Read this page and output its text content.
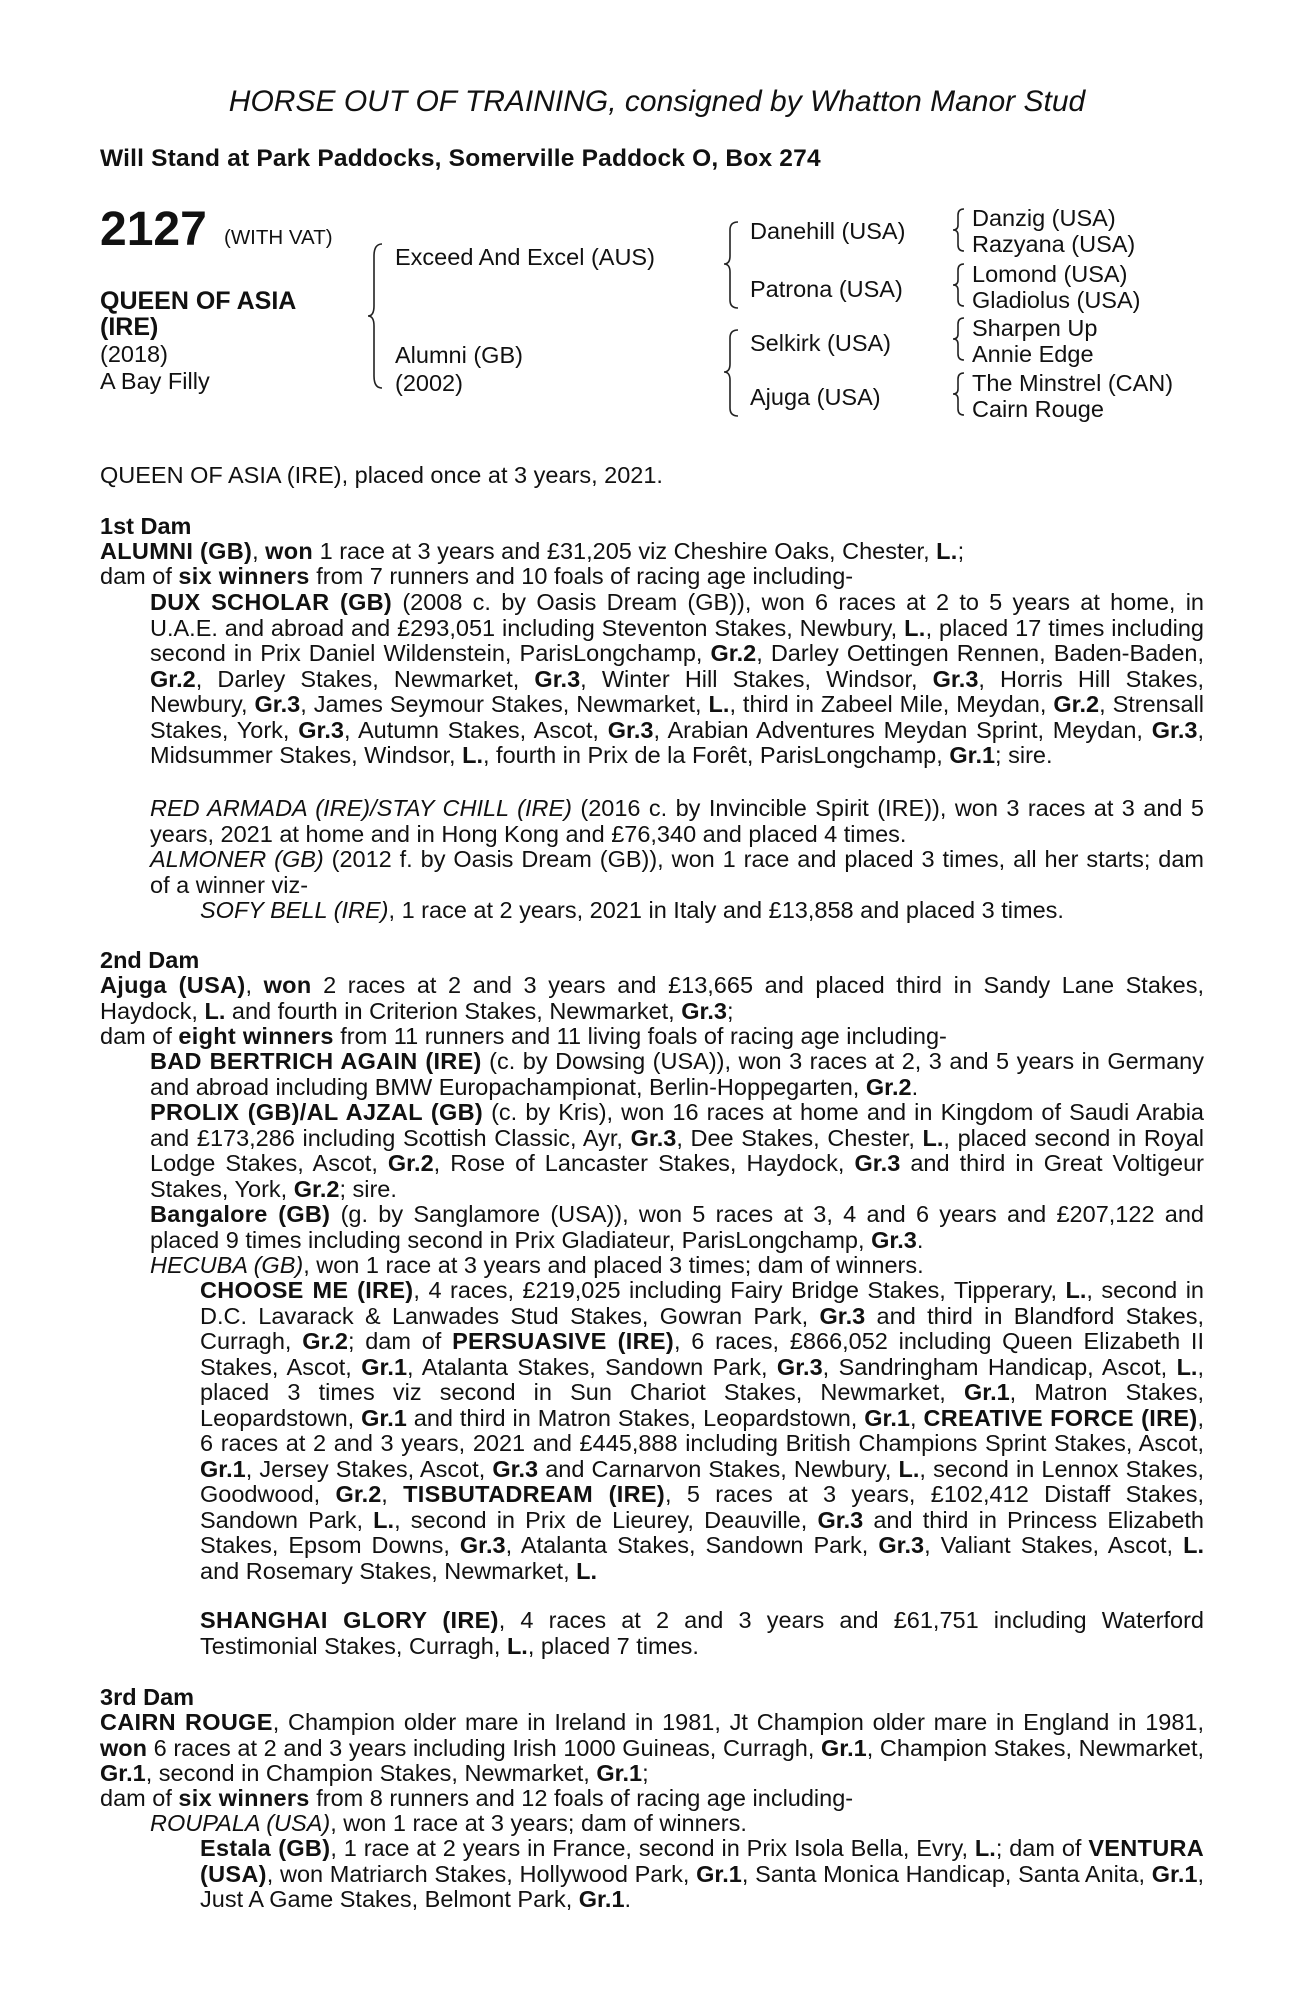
HORSE OUT OF TRAINING, consigned by Whatton Manor Stud
Will Stand at Park Paddocks, Somerville Paddock O, Box 274
2127 (WITH VAT)
QUEEN OF ASIA (IRE)
(2018)
A Bay Filly
Exceed And Excel (AUS)
Alumni (GB)
(2002)
Danehill (USA)
Patrona (USA)
Selkirk (USA)
Ajuga (USA)
Danzig (USA)
Razyana (USA)
Lomond (USA)
Gladiolus (USA)
Sharpen Up
Annie Edge
The Minstrel (CAN)
Cairn Rouge
QUEEN OF ASIA (IRE), placed once at 3 years, 2021.
1st Dam
ALUMNI (GB), won 1 race at 3 years and £31,205 viz Cheshire Oaks, Chester, L.;
dam of six winners from 7 runners and 10 foals of racing age including-
DUX SCHOLAR (GB) (2008 c. by Oasis Dream (GB)), won 6 races at 2 to 5 years at home, in U.A.E. and abroad and £293,051 including Steventon Stakes, Newbury, L., placed 17 times including second in Prix Daniel Wildenstein, ParisLongchamp, Gr.2, Darley Oettingen Rennen, Baden-Baden, Gr.2, Darley Stakes, Newmarket, Gr.3, Winter Hill Stakes, Windsor, Gr.3, Horris Hill Stakes, Newbury, Gr.3, James Seymour Stakes, Newmarket, L., third in Zabeel Mile, Meydan, Gr.2, Strensall Stakes, York, Gr.3, Autumn Stakes, Ascot, Gr.3, Arabian Adventures Meydan Sprint, Meydan, Gr.3, Midsummer Stakes, Windsor, L., fourth in Prix de la Forêt, ParisLongchamp, Gr.1; sire.
RED ARMADA (IRE)/STAY CHILL (IRE) (2016 c. by Invincible Spirit (IRE)), won 3 races at 3 and 5 years, 2021 at home and in Hong Kong and £76,340 and placed 4 times.
ALMONER (GB) (2012 f. by Oasis Dream (GB)), won 1 race and placed 3 times, all her starts; dam of a winner viz-
SOFY BELL (IRE), 1 race at 2 years, 2021 in Italy and £13,858 and placed 3 times.
2nd Dam
Ajuga (USA), won 2 races at 2 and 3 years and £13,665 and placed third in Sandy Lane Stakes, Haydock, L. and fourth in Criterion Stakes, Newmarket, Gr.3;
dam of eight winners from 11 runners and 11 living foals of racing age including-
BAD BERTRICH AGAIN (IRE) (c. by Dowsing (USA)), won 3 races at 2, 3 and 5 years in Germany and abroad including BMW Europachampionat, Berlin-Hoppegarten, Gr.2.
PROLIX (GB)/AL AJZAL (GB) (c. by Kris), won 16 races at home and in Kingdom of Saudi Arabia and £173,286 including Scottish Classic, Ayr, Gr.3, Dee Stakes, Chester, L., placed second in Royal Lodge Stakes, Ascot, Gr.2, Rose of Lancaster Stakes, Haydock, Gr.3 and third in Great Voltigeur Stakes, York, Gr.2; sire.
Bangalore (GB) (g. by Sanglamore (USA)), won 5 races at 3, 4 and 6 years and £207,122 and placed 9 times including second in Prix Gladiateur, ParisLongchamp, Gr.3.
HECUBA (GB), won 1 race at 3 years and placed 3 times; dam of winners.
CHOOSE ME (IRE), 4 races, £219,025 including Fairy Bridge Stakes, Tipperary, L., second in D.C. Lavarack & Lanwades Stud Stakes, Gowran Park, Gr.3 and third in Blandford Stakes, Curragh, Gr.2; dam of PERSUASIVE (IRE), 6 races, £866,052 including Queen Elizabeth II Stakes, Ascot, Gr.1, Atalanta Stakes, Sandown Park, Gr.3, Sandringham Handicap, Ascot, L., placed 3 times viz second in Sun Chariot Stakes, Newmarket, Gr.1, Matron Stakes, Leopardstown, Gr.1 and third in Matron Stakes, Leopardstown, Gr.1, CREATIVE FORCE (IRE), 6 races at 2 and 3 years, 2021 and £445,888 including British Champions Sprint Stakes, Ascot, Gr.1, Jersey Stakes, Ascot, Gr.3 and Carnarvon Stakes, Newbury, L., second in Lennox Stakes, Goodwood, Gr.2, TISBUTADREAM (IRE), 5 races at 3 years, £102,412 Distaff Stakes, Sandown Park, L., second in Prix de Lieurey, Deauville, Gr.3 and third in Princess Elizabeth Stakes, Epsom Downs, Gr.3, Atalanta Stakes, Sandown Park, Gr.3, Valiant Stakes, Ascot, L. and Rosemary Stakes, Newmarket, L.
SHANGHAI GLORY (IRE), 4 races at 2 and 3 years and £61,751 including Waterford Testimonial Stakes, Curragh, L., placed 7 times.
3rd Dam
CAIRN ROUGE, Champion older mare in Ireland in 1981, Jt Champion older mare in England in 1981, won 6 races at 2 and 3 years including Irish 1000 Guineas, Curragh, Gr.1, Champion Stakes, Newmarket, Gr.1, second in Champion Stakes, Newmarket, Gr.1;
dam of six winners from 8 runners and 12 foals of racing age including-
ROUPALA (USA), won 1 race at 3 years; dam of winners.
Estala (GB), 1 race at 2 years in France, second in Prix Isola Bella, Evry, L.; dam of VENTURA (USA), won Matriarch Stakes, Hollywood Park, Gr.1, Santa Monica Handicap, Santa Anita, Gr.1, Just A Game Stakes, Belmont Park, Gr.1.
